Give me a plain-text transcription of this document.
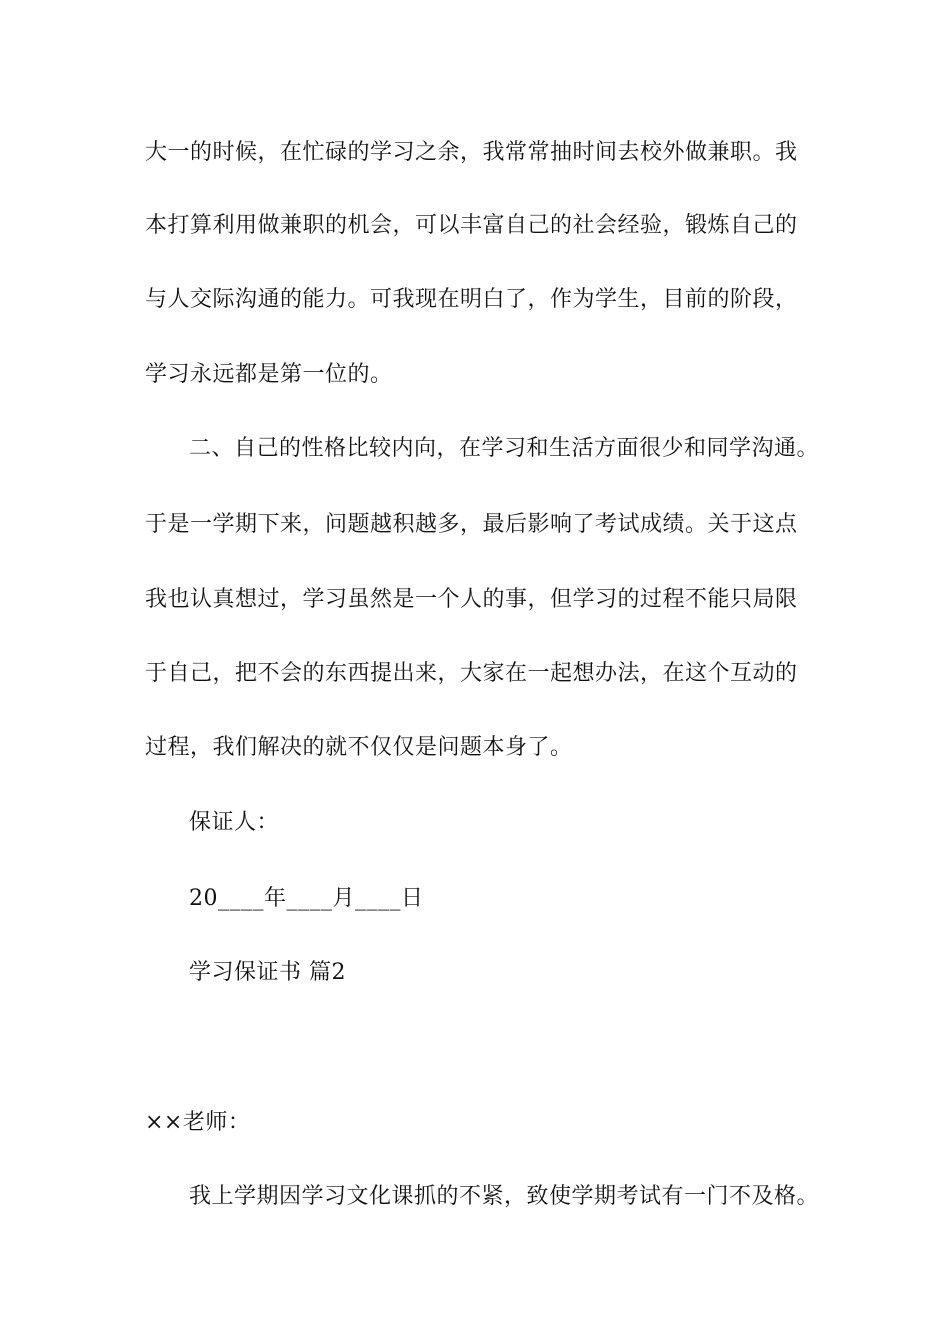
大一的时候，在忙碌的学习之余，我常常抽时间去校外做兼职。我
本打算利用做兼职的机会，可以丰富自己的社会经验，锻炼自己的
与人交际沟通的能力。可我现在明白了，作为学生，目前的阶段，
学习永远都是第一位的。
二、自己的性格比较内向，在学习和生活方面很少和同学沟通。
于是一学期下来，问题越积越多，最后影响了考试成绩。关于这点
我也认真想过，学习虽然是一个人的事，但学习的过程不能只局限
于自己，把不会的东西提出来，大家在一起想办法，在这个互动的
过程，我们解决的就不仅仅是问题本身了。
保证人：
20____年____月____日
学习保证书 篇2
××老师：
我上学期因学习文化课抓的不紧，致使学期考试有一门不及格。
